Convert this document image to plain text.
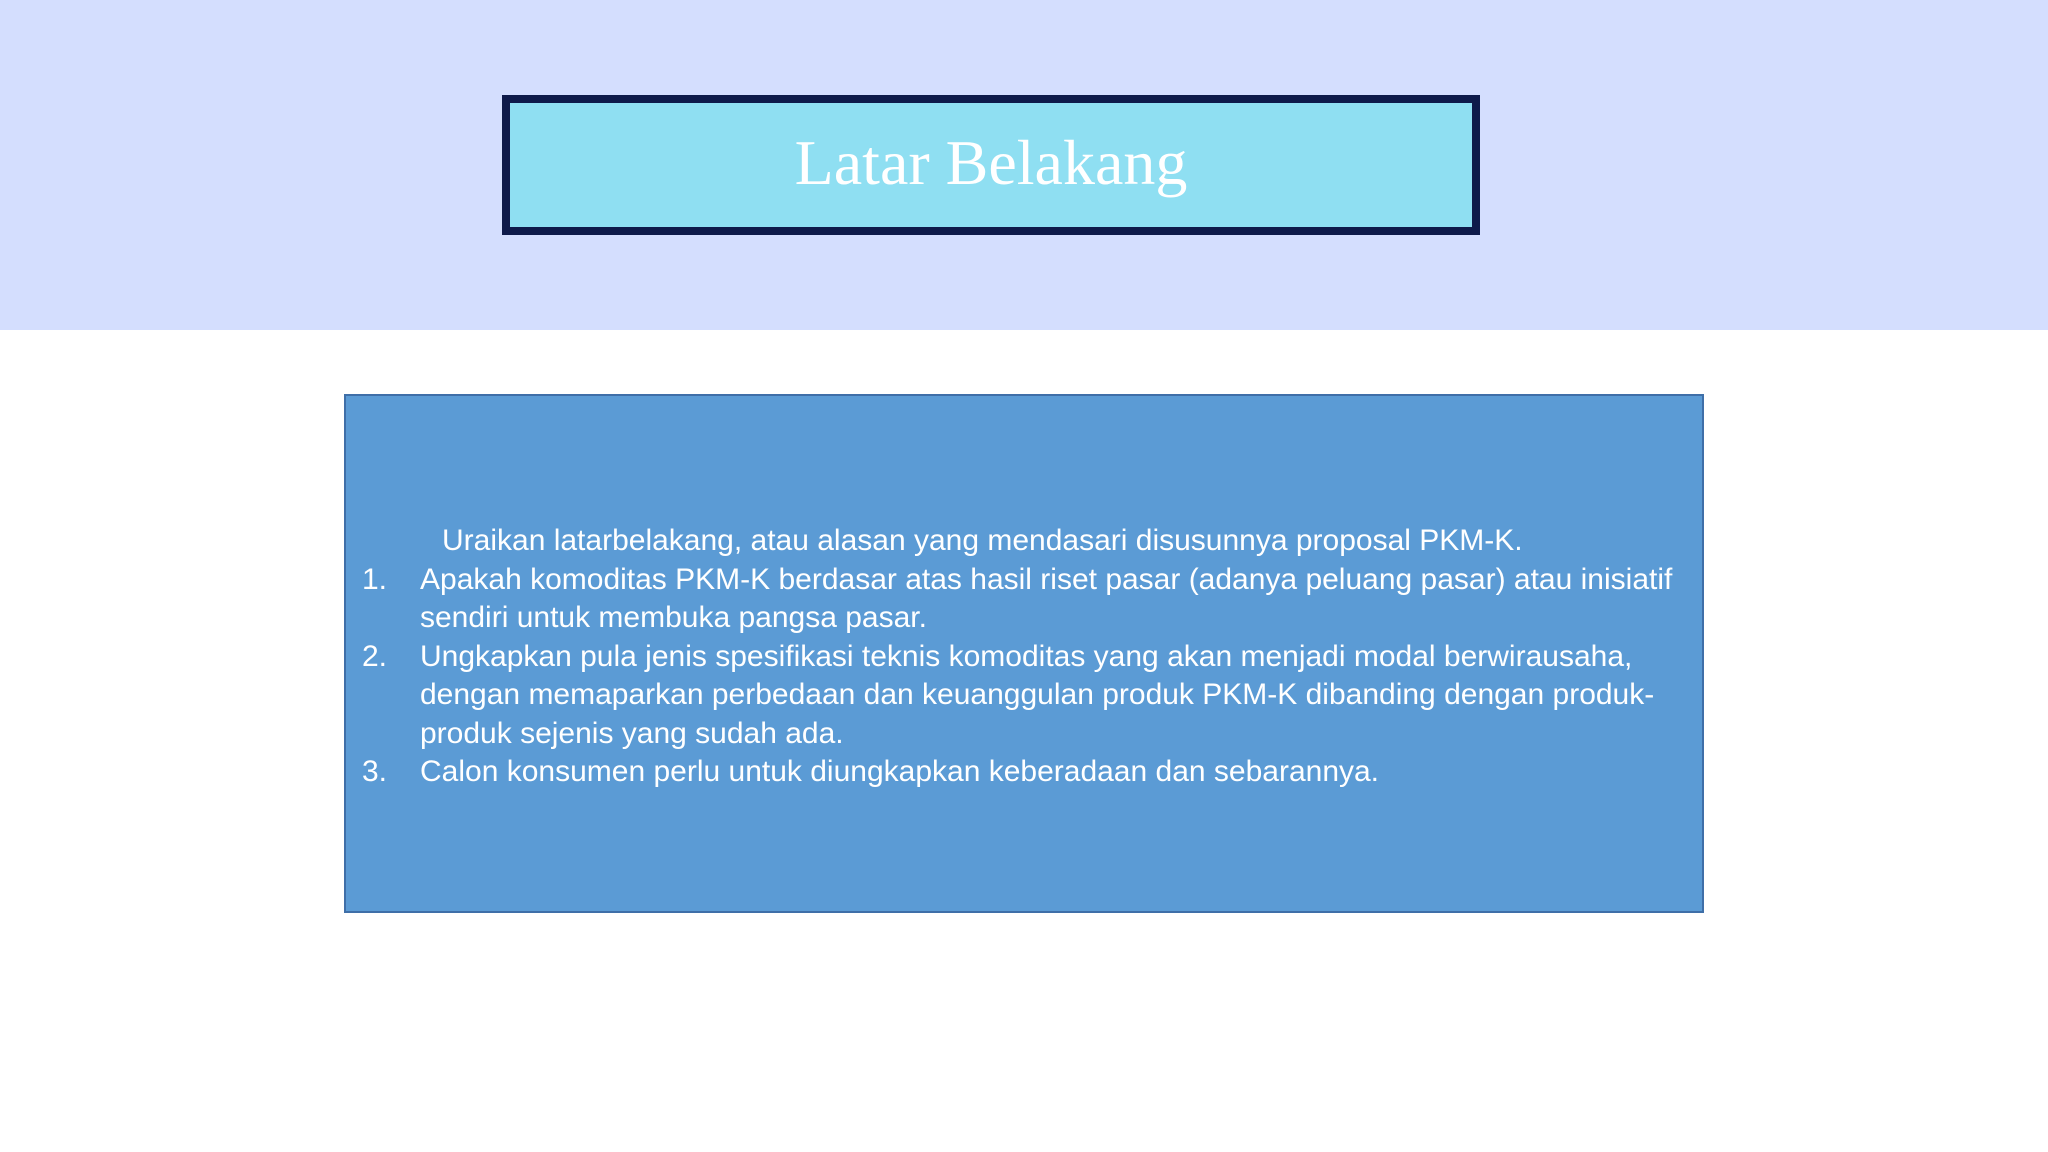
Latar Belakang
Uraikan latarbelakang, atau alasan yang mendasari disusunnya proposal PKM-K.
1.	Apakah komoditas PKM-K berdasar atas hasil riset pasar (adanya peluang pasar) atau inisiatif sendiri untuk membuka pangsa pasar.
2.	Ungkapkan pula jenis spesifikasi teknis komoditas yang akan menjadi modal berwirausaha, dengan memaparkan perbedaan dan keuanggulan produk PKM-K dibanding dengan produk-produk sejenis yang sudah ada.
3.	Calon konsumen perlu untuk diungkapkan keberadaan dan sebarannya.
